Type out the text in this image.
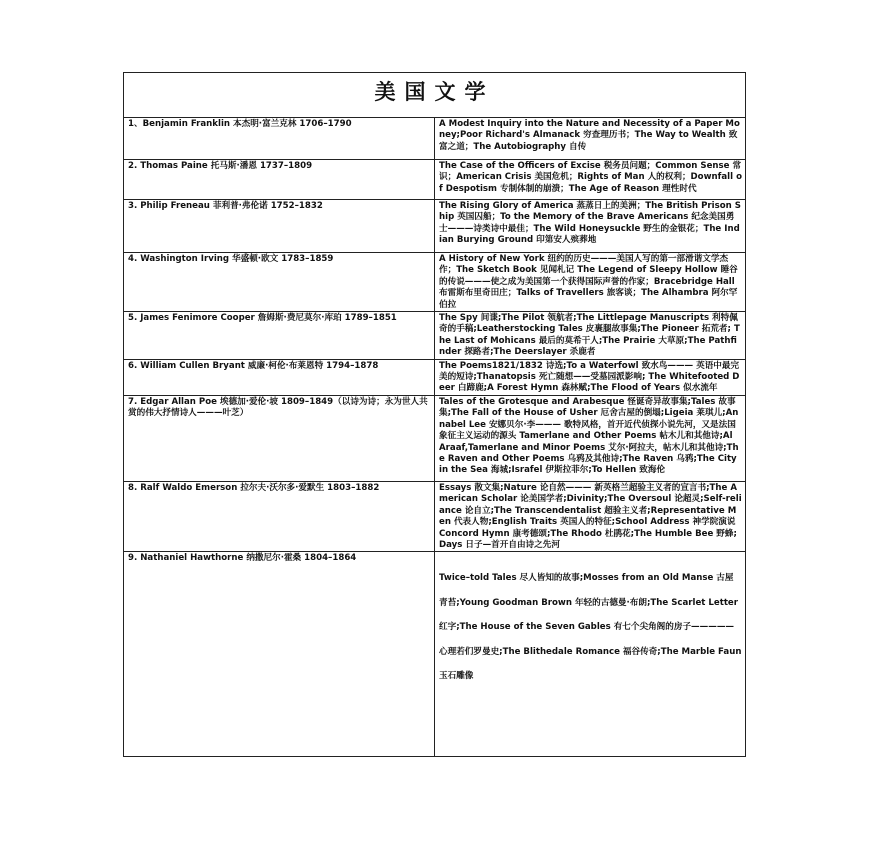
美国文学	
1、Benjamin Franklin 本杰明·富兰克林 1706–1790	A Modest Inquiry into the Nature and Necessity of a Paper Money;Poor Richard's Almanack 穷查理历书；The Way to Wealth 致富之道；The Autobiography 自传
2. Thomas Paine 托马斯·潘恩 1737–1809	The Case of the Officers of Excise 税务员问题；Common Sense 常识；American Crisis 美国危机；Rights of Man 人的权利；Downfall of Despotism 专制体制的崩溃；The Age of Reason 理性时代
3. Philip Freneau 菲利普·弗伦诺 1752–1832	The Rising Glory of America 蒸蒸日上的美洲；The British Prison Ship 英国囚船；To the Memory of the Brave Americans 纪念美国勇士———诗类诗中最佳；The Wild Honeysuckle 野生的金银花；The Indian Burying Ground 印第安人殡葬地
4. Washington Irving 华盛顿·欧文 1783–1859	A History of New York 纽约的历史———美国人写的第一部滑谐文学杰作；The Sketch Book 见闻札记 The Legend of Sleepy Hollow 睡谷的传说———使之成为美国第一个获得国际声誉的作家；Bracebridge Hall 布雷斯布里奇田庄；Talks of Travellers 旅客谈；The Alhambra 阿尔罕伯拉
5. James Fenimore Cooper 詹姆斯·费尼莫尔·库珀 1789–1851	The Spy 间谍;The Pilot 领航者;The Littlepage Manuscripts 利特佩奇的手稿;Leatherstocking Tales 皮裹腿故事集;The Pioneer 拓荒者; The Last of Mohicans 最后的莫希干人;The Prairie 大草原;The Pathfinder 探路者;The Deerslayer 杀鹿者
6. William Cullen Bryant 威廉·柯伦·布莱恩特 1794–1878	The Poems1821/1832 诗选;To a Waterfowl 致水鸟——— 英语中最完美的短诗;Thanatopsis 死亡随想——受墓园派影响; The Whitefooted Deer 白蹄鹿;A Forest Hymn 森林赋;The Flood of Years 似水流年
7. Edgar Allan Poe 埃德加·爱伦·坡 1809–1849（以诗为诗；永为世人共赏的伟大抒情诗人———叶芝）	Tales of the Grotesque and Arabesque 怪诞奇异故事集;Tales 故事集;The Fall of the House of Usher 厄舍古屋的倒塌;Ligeia 莱琪儿;Annabel Lee 安娜贝尔·李——— 歌特风格，首开近代侦探小说先河，又是法国象征主义运动的源头 Tamerlane and Other Poems 帖木儿和其他诗;Al Araaf,Tamerlane and Minor Poems 艾尔·阿拉夫，帖木儿和其他诗;The Raven and Other Poems 乌鸦及其他诗;The Raven 乌鸦;The City in the Sea 海城;Israfel 伊斯拉菲尔;To Hellen 致海伦
8. Ralf Waldo Emerson 拉尔夫·沃尔多·爱默生 1803–1882	Essays 散文集;Nature 论自然——— 新英格兰超验主义者的宣言书;The American Scholar 论美国学者;Divinity;The Oversoul 论超灵;Self-reliance 论自立;The Transcendentalist 超验主义者;Representative Men 代表人物;English Traits 英国人的特征;School Address 神学院演说 Concord Hymn 康考德颂;The Rhodo 杜鹃花;The Humble Bee 野蜂;Days 日子—首开自由诗之先河
9. Nathaniel Hawthorne 纳撒尼尔·霍桑 1804–1864	Twice–told Tales 尽人皆知的故事;Mosses from an Old Manse 古屋青苔;Young Goodman Brown 年轻的古德曼·布朗;The Scarlet Letter 红字;The House of the Seven Gables 有七个尖角阁的房子————— 心理若们罗曼史;The Blithedale Romance 福谷传奇;The Marble Faun 玉石雕像
